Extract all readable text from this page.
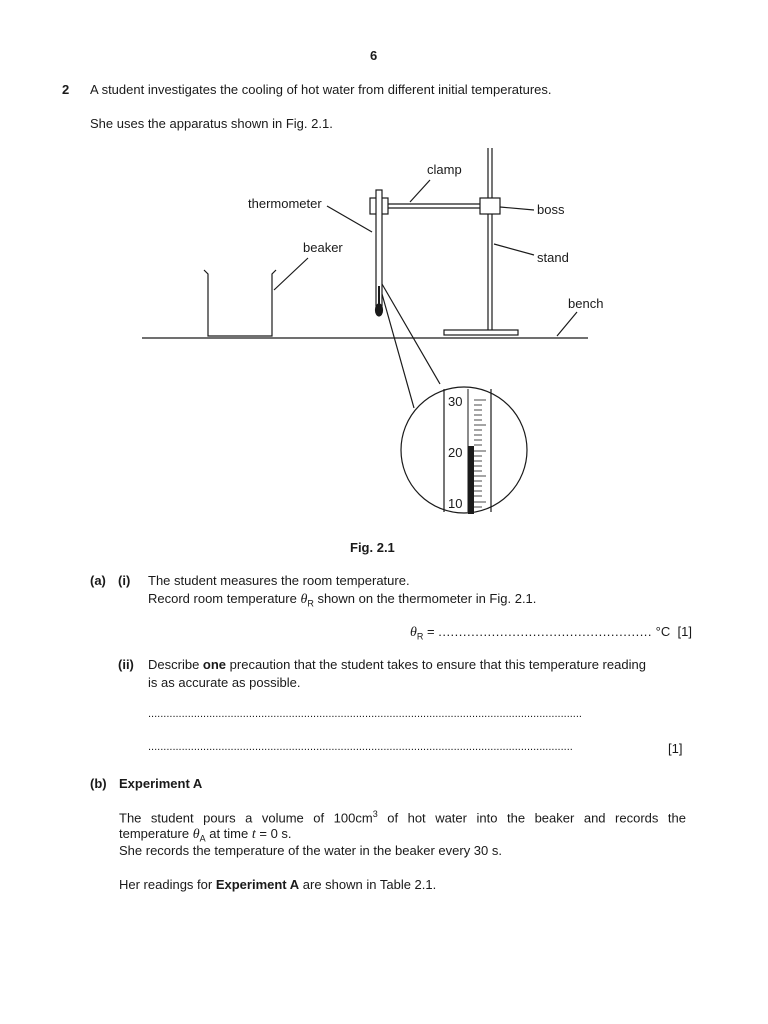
6
2 A student investigates the cooling of hot water from different initial temperatures.
She uses the apparatus shown in Fig. 2.1.
30
20
10
clamp
thermometer	boss
beaker
stand
bench
Fig. 2.1
(a) (i) The student measures the room temperature.
Record room temperature $\theta_R$ shown on the thermometer in Fig. 2.1.
$\theta_R$ = .................................................... °C [1]
(ii) Describe one precaution that the student takes to ensure that this temperature reading
is as accurate as possible.
..............................................................................................................................................
...........................................................................................................................................	[1]
(b) Experiment A
The student pours a volume of $100cm^3$ of hot water into the beaker and records the
temperature $\theta_A$ at time t = 0 s.
She records the temperature of the water in the beaker every 30 s.
Her readings for Experiment A are shown in Table 2.1.
